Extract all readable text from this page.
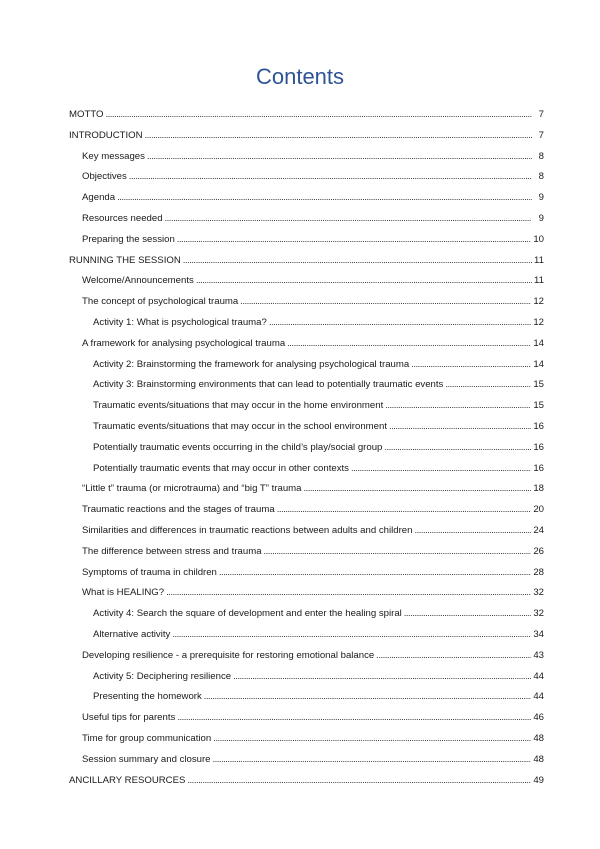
Contents
MOTTO . . .	7
INTRODUCTION . . .	7
Key messages . . .	8
Objectives . . .	8
Agenda . . .	9
Resources needed . . .	9
Preparing the session . . .	10
RUNNING THE SESSION . . .	11
Welcome/Announcements . . .	11
The concept of psychological trauma . . .	12
Activity 1: What is psychological trauma? . . .	12
A framework for analysing psychological trauma . . .	14
Activity 2: Brainstorming the framework for analysing psychological trauma . . .	14
Activity 3: Brainstorming environments that can lead to potentially traumatic events . . .	15
Traumatic events/situations that may occur in the home environment . . .	15
Traumatic events/situations that may occur in the school environment . . .	16
Potentially traumatic events occurring in the child’s play/social group . . .	16
Potentially traumatic events that may occur in other contexts . . .	16
“Little t” trauma (or microtrauma) and “big T” trauma . . .	18
Traumatic reactions and the stages of trauma . . .	20
Similarities and differences in traumatic reactions between adults and children . . .	24
The difference between stress and trauma . . .	26
Symptoms of trauma in children . . .	28
What is HEALING? . . .	32
Activity 4: Search the square of development and enter the healing spiral . . .	32
Alternative activity . . .	34
Developing resilience - a prerequisite for restoring emotional balance . . .	43
Activity 5: Deciphering resilience . . .	44
Presenting the homework . . .	44
Useful tips for parents . . .	46
Time for group communication . . .	48
Session summary and closure . . .	48
ANCILLARY RESOURCES . . .	49
